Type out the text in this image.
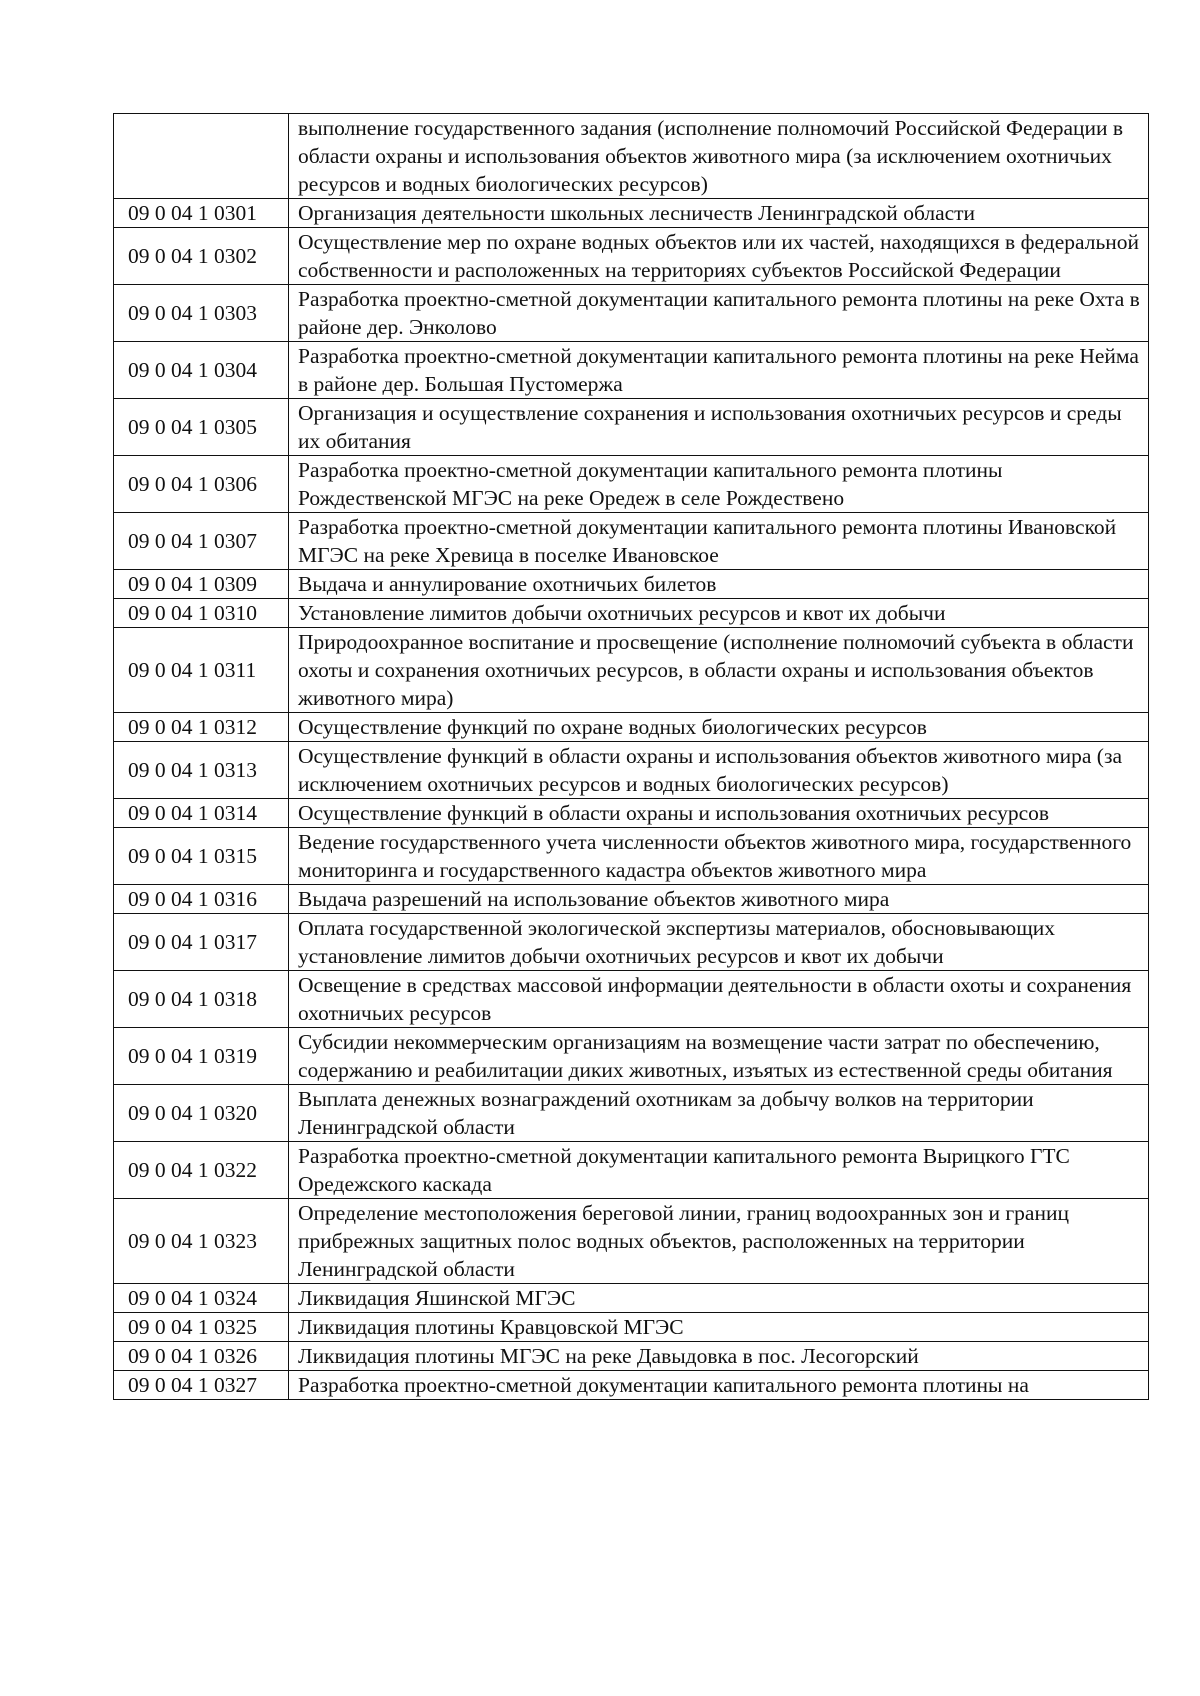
	выполнение государственного задания (исполнение полномочий Российской Федерации в области охраны и использования объектов животного мира (за исключением охотничьих ресурсов и водных биологических ресурсов)
09 0 04 1 0301	Организация деятельности школьных лесничеств Ленинградской области
09 0 04 1 0302	Осуществление мер по охране водных объектов или их частей, находящихся в федеральной собственности и расположенных на территориях субъектов Российской Федерации
09 0 04 1 0303	Разработка проектно-сметной документации капитального ремонта плотины на реке Охта в районе дер. Энколово
09 0 04 1 0304	Разработка проектно-сметной документации капитального ремонта плотины на реке Нейма в районе дер. Большая Пустомержа
09 0 04 1 0305	Организация и осуществление сохранения и использования охотничьих ресурсов и среды их обитания
09 0 04 1 0306	Разработка проектно-сметной документации капитального ремонта плотины Рождественской МГЭС на реке Оредеж в селе Рождествено
09 0 04 1 0307	Разработка проектно-сметной документации капитального ремонта плотины Ивановской МГЭС на реке Хревица в поселке Ивановское
09 0 04 1 0309	Выдача и аннулирование охотничьих билетов
09 0 04 1 0310	Установление лимитов добычи охотничьих ресурсов и квот их добычи
09 0 04 1 0311	Природоохранное воспитание и просвещение (исполнение полномочий субъекта в области охоты и сохранения охотничьих ресурсов, в области охраны и использования объектов животного мира)
09 0 04 1 0312	Осуществление функций по охране водных биологических ресурсов
09 0 04 1 0313	Осуществление функций в области охраны и использования объектов животного мира (за исключением охотничьих ресурсов и водных биологических ресурсов)
09 0 04 1 0314	Осуществление функций в области охраны и использования охотничьих ресурсов
09 0 04 1 0315	Ведение государственного учета численности объектов животного мира, государственного мониторинга и государственного кадастра объектов животного мира
09 0 04 1 0316	Выдача разрешений на использование объектов животного мира
09 0 04 1 0317	Оплата государственной экологической экспертизы материалов, обосновывающих установление лимитов добычи охотничьих ресурсов и квот их добычи
09 0 04 1 0318	Освещение в средствах массовой информации деятельности в области охоты и сохранения охотничьих ресурсов
09 0 04 1 0319	Субсидии некоммерческим организациям на возмещение части затрат по обеспечению, содержанию и реабилитации диких животных, изъятых из естественной среды обитания
09 0 04 1 0320	Выплата денежных вознаграждений охотникам за добычу волков на территории Ленинградской области
09 0 04 1 0322	Разработка проектно-сметной документации капитального ремонта Вырицкого ГТС Оредежского каскада
09 0 04 1 0323	Определение местоположения береговой линии, границ водоохранных зон и границ прибрежных защитных полос водных объектов, расположенных на территории Ленинградской области
09 0 04 1 0324	Ликвидация Яшинской МГЭС
09 0 04 1 0325	Ликвидация плотины Кравцовской МГЭС
09 0 04 1 0326	Ликвидация плотины МГЭС на реке Давыдовка в пос. Лесогорский
09 0 04 1 0327	Разработка проектно-сметной документации капитального ремонта плотины на
